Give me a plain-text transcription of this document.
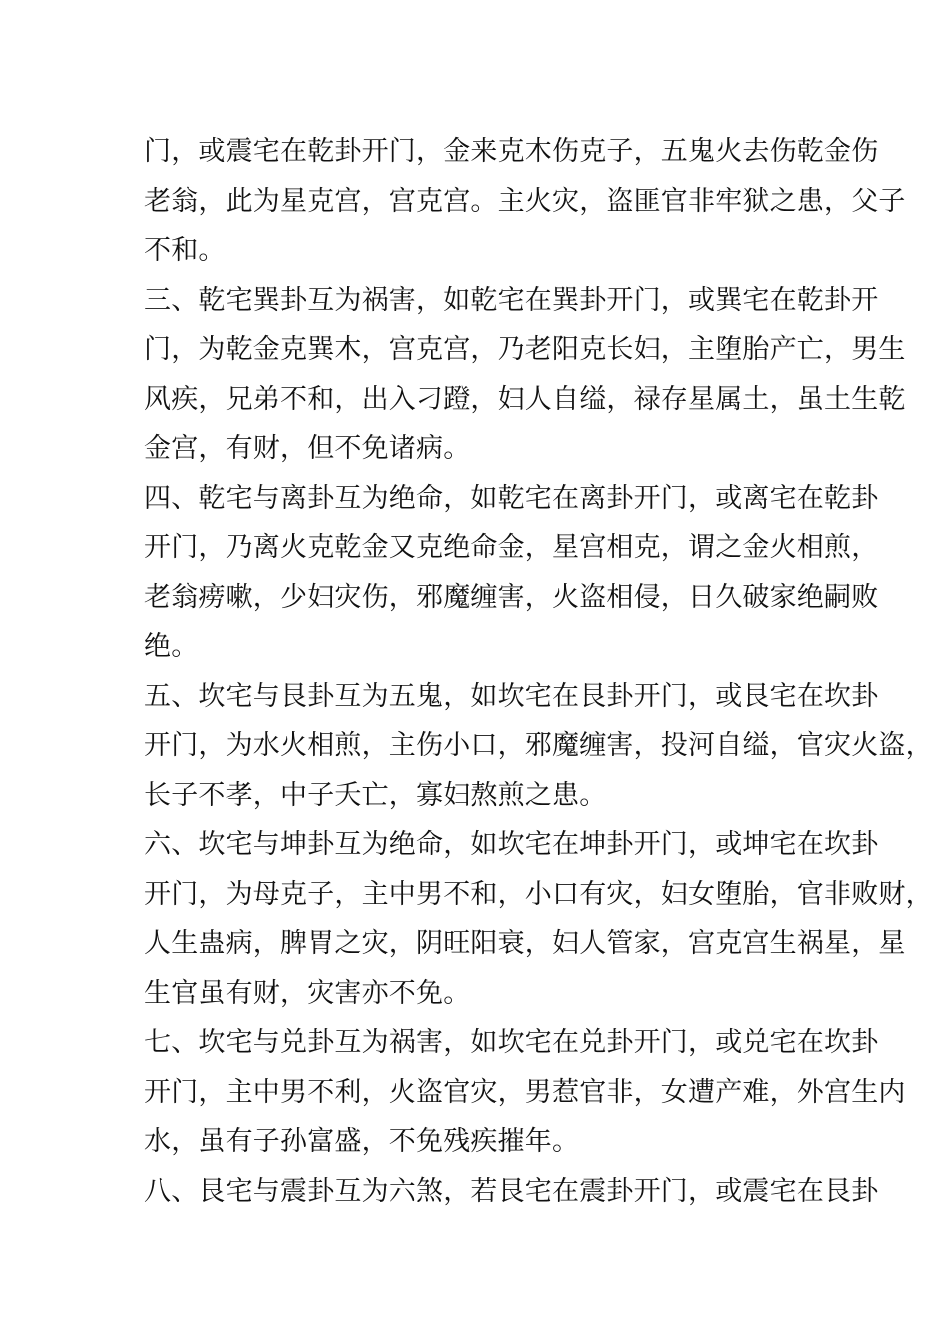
门，或震宅在乾卦开门，金来克木伤克子，五鬼火去伤乾金伤
老翁，此为星克宫，宫克宫。主火灾，盗匪官非牢狱之患，父子
不和。
三、乾宅巽卦互为祸害，如乾宅在巽卦开门，或巽宅在乾卦开
门，为乾金克巽木，宫克宫，乃老阳克长妇，主堕胎产亡，男生
风疾，兄弟不和，出入刁蹬，妇人自缢，禄存星属土，虽土生乾
金宫，有财，但不免诸病。
四、乾宅与离卦互为绝命，如乾宅在离卦开门，或离宅在乾卦
开门，乃离火克乾金又克绝命金，星宫相克，谓之金火相煎，
老翁痨嗽，少妇灾伤，邪魔缠害，火盗相侵，日久破家绝嗣败
绝。
五、坎宅与艮卦互为五鬼，如坎宅在艮卦开门，或艮宅在坎卦
开门，为水火相煎，主伤小口，邪魔缠害，投河自缢，官灾火盗，
长子不孝，中子夭亡，寡妇熬煎之患。
六、坎宅与坤卦互为绝命，如坎宅在坤卦开门，或坤宅在坎卦
开门，为母克子，主中男不和，小口有灾，妇女堕胎，官非败财，
人生蛊病，脾胃之灾，阴旺阳衰，妇人管家，宫克宫生祸星，星
生官虽有财，灾害亦不免。
七、坎宅与兑卦互为祸害，如坎宅在兑卦开门，或兑宅在坎卦
开门，主中男不利，火盗官灾，男惹官非，女遭产难，外宫生内
水，虽有子孙富盛，不免残疾摧年。
八、艮宅与震卦互为六煞，若艮宅在震卦开门，或震宅在艮卦
